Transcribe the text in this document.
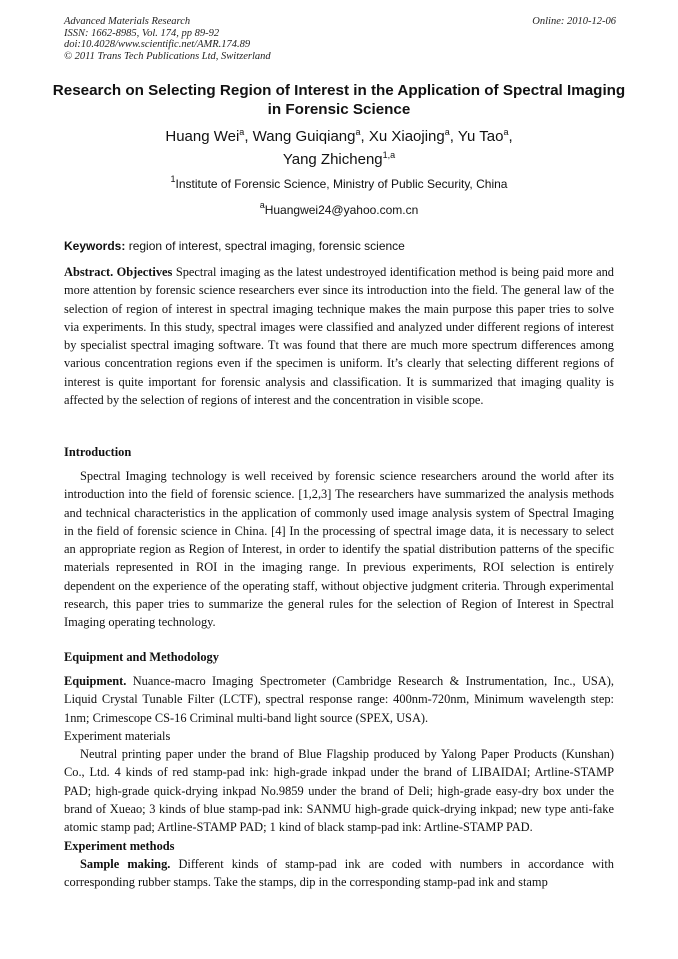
Advanced Materials Research
ISSN: 1662-8985, Vol. 174, pp 89-92
doi:10.4028/www.scientific.net/AMR.174.89
© 2011 Trans Tech Publications Ltd, Switzerland
Online: 2010-12-06
Research on Selecting Region of Interest in the Application of Spectral Imaging in Forensic Science
Huang Wei$^a$, Wang Guiqiang$^a$, Xu Xiaojing$^a$, Yu Tao$^a$,
Yang Zhicheng$^{1,a}$
$^1$Institute of Forensic Science, Ministry of Public Security, China
$^a$Huangwei24@yahoo.com.cn
Keywords: region of interest, spectral imaging, forensic science
Abstract. Objectives Spectral imaging as the latest undestroyed identification method is being paid more and more attention by forensic science researchers ever since its introduction into the field. The general law of the selection of region of interest in spectral imaging technique makes the main purpose this paper tries to solve via experiments. In this study, spectral images were classified and analyzed under different regions of interest by specialist spectral imaging software. Tt was found that there are much more spectrum differences among various concentration regions even if the specimen is uniform. It’s clearly that selecting different regions of interest is quite important for forensic analysis and classification. It is summarized that imaging quality is affected by the selection of regions of interest and the concentration in visible scope.
Introduction
Spectral Imaging technology is well received by forensic science researchers around the world after its introduction into the field of forensic science. [1,2,3] The researchers have summarized the analysis methods and technical characteristics in the application of commonly used image analysis system of Spectral Imaging in the field of forensic science in China. [4] In the processing of spectral image data, it is necessary to select an appropriate region as Region of Interest, in order to identify the spatial distribution patterns of the specific materials represented in ROI in the imaging range. In previous experiments, ROI selection is entirely dependent on the experience of the operating staff, without objective judgment criteria. Through experimental research, this paper tries to summarize the general rules for the selection of Region of Interest in Spectral Imaging operating technology.
Equipment and Methodology
Equipment. Nuance-macro Imaging Spectrometer (Cambridge Research & Instrumentation, Inc., USA), Liquid Crystal Tunable Filter (LCTF), spectral response range: 400nm-720nm, Minimum wavelength step: 1nm; Crimescope CS-16 Criminal multi-band light source (SPEX, USA).
Experiment materials
Neutral printing paper under the brand of Blue Flagship produced by Yalong Paper Products (Kunshan) Co., Ltd. 4 kinds of red stamp-pad ink: high-grade inkpad under the brand of LIBAIDAI; Artline-STAMP PAD; high-grade quick-drying inkpad No.9859 under the brand of Deli; high-grade easy-dry box under the brand of Xueao; 3 kinds of blue stamp-pad ink: SANMU high-grade quick-drying inkpad; new type anti-fake atomic stamp pad; Artline-STAMP PAD; 1 kind of black stamp-pad ink: Artline-STAMP PAD.
Experiment methods
Sample making. Different kinds of stamp-pad ink are coded with numbers in accordance with corresponding rubber stamps. Take the stamps, dip in the corresponding stamp-pad ink and stamp
